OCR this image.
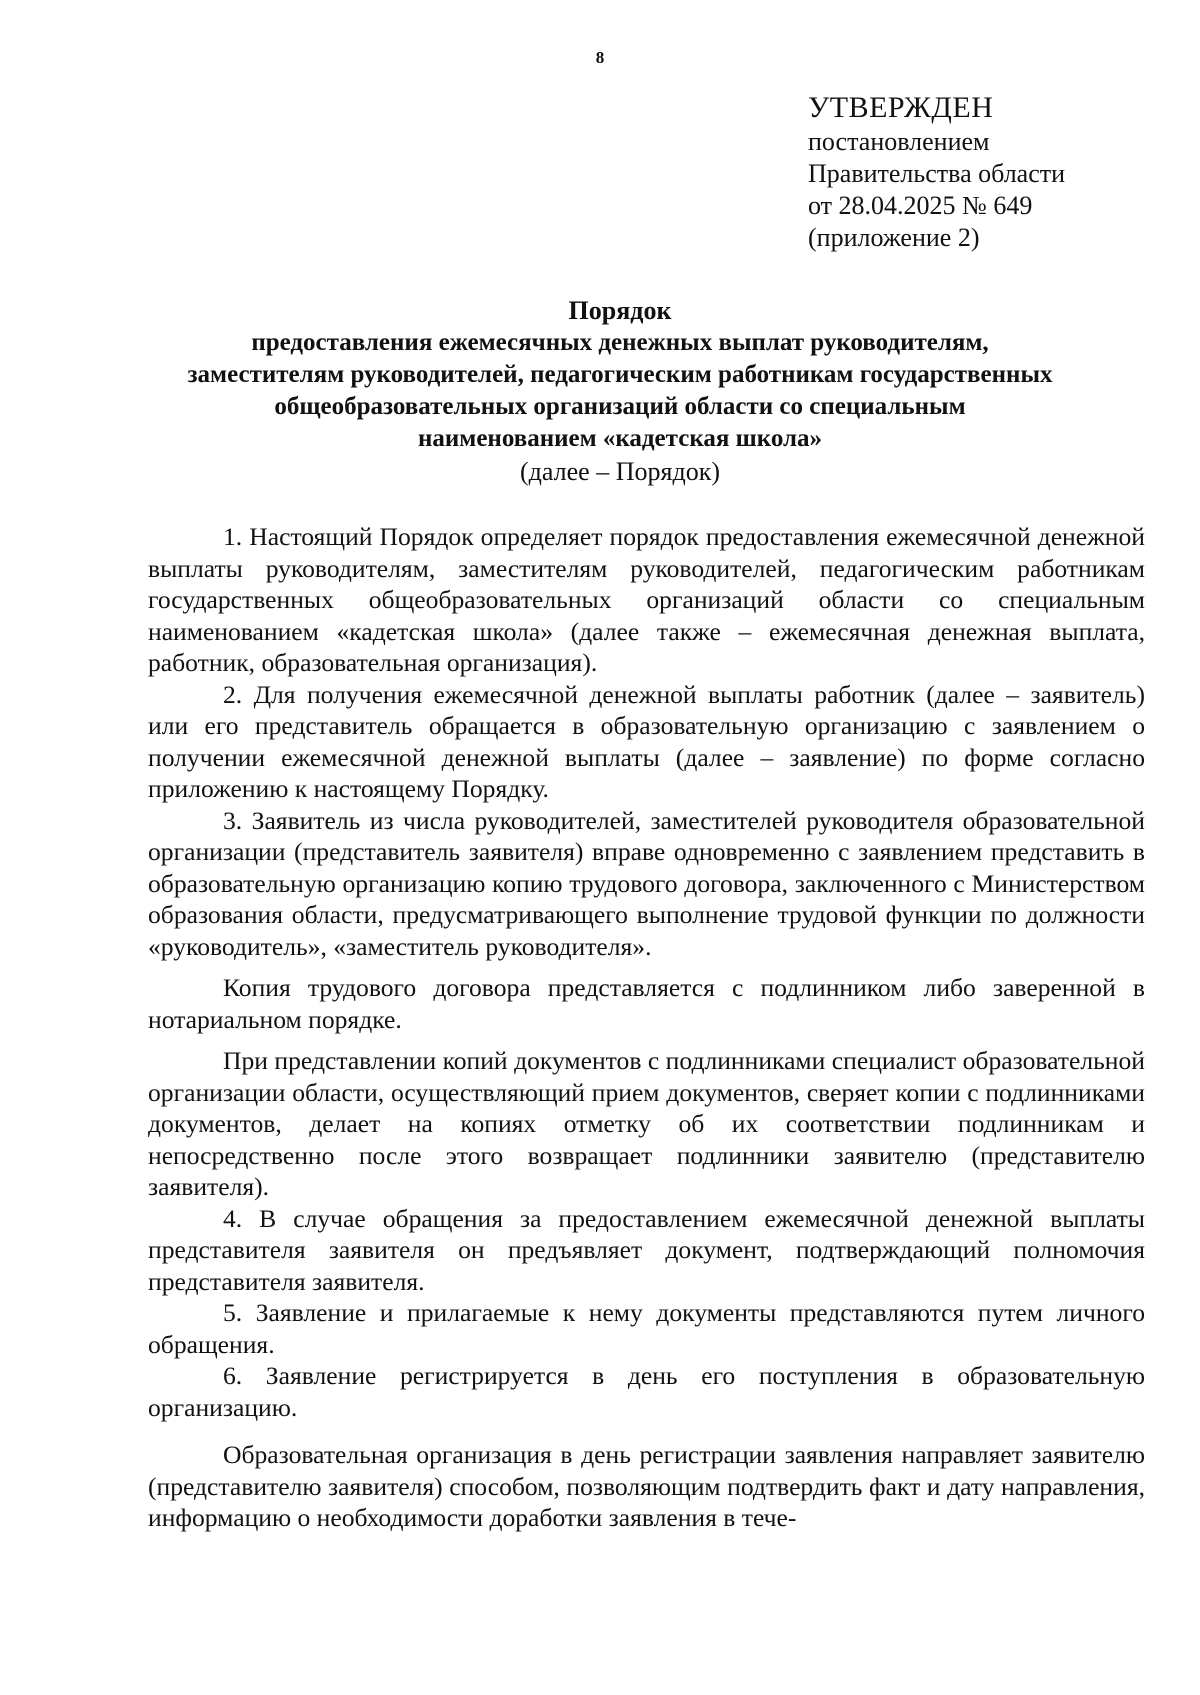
8
УТВЕРЖДЕН
постановлением
Правительства области
от 28.04.2025 № 649
(приложение 2)
Порядок
предоставления ежемесячных денежных выплат руководителям,
заместителям руководителей, педагогическим работникам государственных
общеобразовательных организаций области со специальным
наименованием «кадетская школа»
(далее – Порядок)

1. Настоящий Порядок определяет порядок предоставления ежемесячной денежной выплаты руководителям, заместителям руководителей, педагогическим работникам государственных общеобразовательных организаций области со специальным наименованием «кадетская школа» (далее также – ежемесячная денежная выплата, работник, образовательная организация).

2. Для получения ежемесячной денежной выплаты работник (далее – заявитель) или его представитель обращается в образовательную организацию с заявлением о получении ежемесячной денежной выплаты (далее – заявление) по форме согласно приложению к настоящему Порядку.

3. Заявитель из числа руководителей, заместителей руководителя образовательной организации (представитель заявителя) вправе одновременно с заявлением представить в образовательную организацию копию трудового договора, заключенного с Министерством образования области, предусматривающего выполнение трудовой функции по должности «руководитель», «заместитель руководителя».

Копия трудового договора представляется с подлинником либо заверенной в нотариальном порядке.

При представлении копий документов с подлинниками специалист образовательной организации области, осуществляющий прием документов, сверяет копии с подлинниками документов, делает на копиях отметку об их соответствии подлинникам и непосредственно после этого возвращает подлинники заявителю (представителю заявителя).

4. В случае обращения за предоставлением ежемесячной денежной выплаты представителя заявителя он предъявляет документ, подтверждающий полномочия представителя заявителя.

5. Заявление и прилагаемые к нему документы представляются путем личного обращения.

6. Заявление регистрируется в день его поступления в образовательную организацию.

Образовательная организация в день регистрации заявления направляет заявителю (представителю заявителя) способом, позволяющим подтвердить факт и дату направления, информацию о необходимости доработки заявления в тече-
